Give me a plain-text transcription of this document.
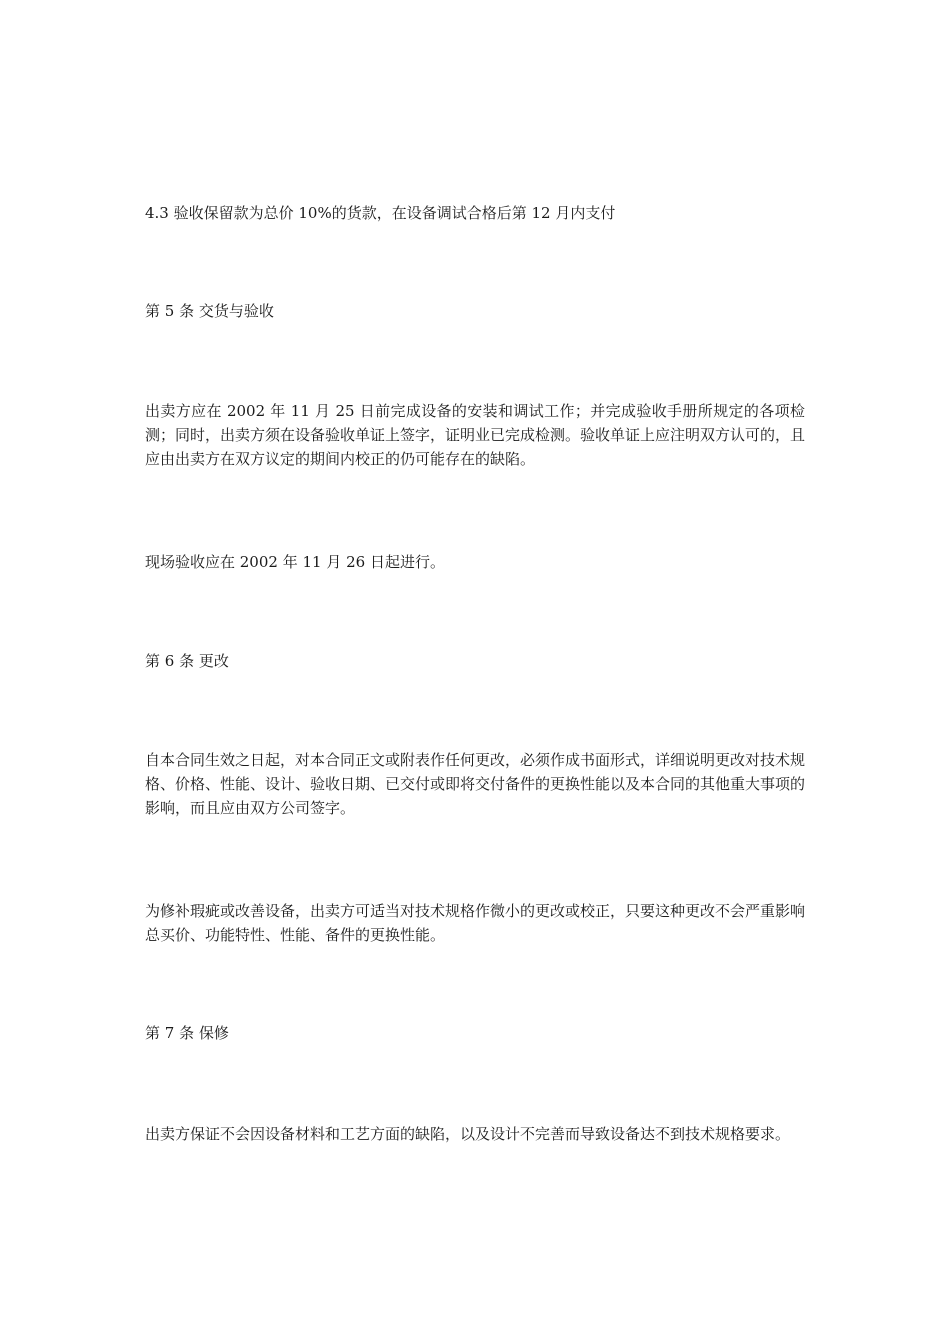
4.3 验收保留款为总价 10%的货款，在设备调试合格后第 12 月内支付

第 5 条 交货与验收

出卖方应在 2002 年 11 月 25 日前完成设备的安装和调试工作；并完成验收手册所规定的各项检测；同时，出卖方须在设备验收单证上签字，证明业已完成检测。验收单证上应注明双方认可的，且应由出卖方在双方议定的期间内校正的仍可能存在的缺陷。

现场验收应在 2002 年 11 月 26 日起进行。

第 6 条 更改

自本合同生效之日起，对本合同正文或附表作任何更改，必须作成书面形式，详细说明更改对技术规格、价格、性能、设计、验收日期、已交付或即将交付备件的更换性能以及本合同的其他重大事项的影响，而且应由双方公司签字。

为修补瑕疵或改善设备，出卖方可适当对技术规格作微小的更改或校正，只要这种更改不会严重影响总买价、功能特性、性能、备件的更换性能。

第 7 条 保修

出卖方保证不会因设备材料和工艺方面的缺陷，以及设计不完善而导致设备达不到技术规格要求。
